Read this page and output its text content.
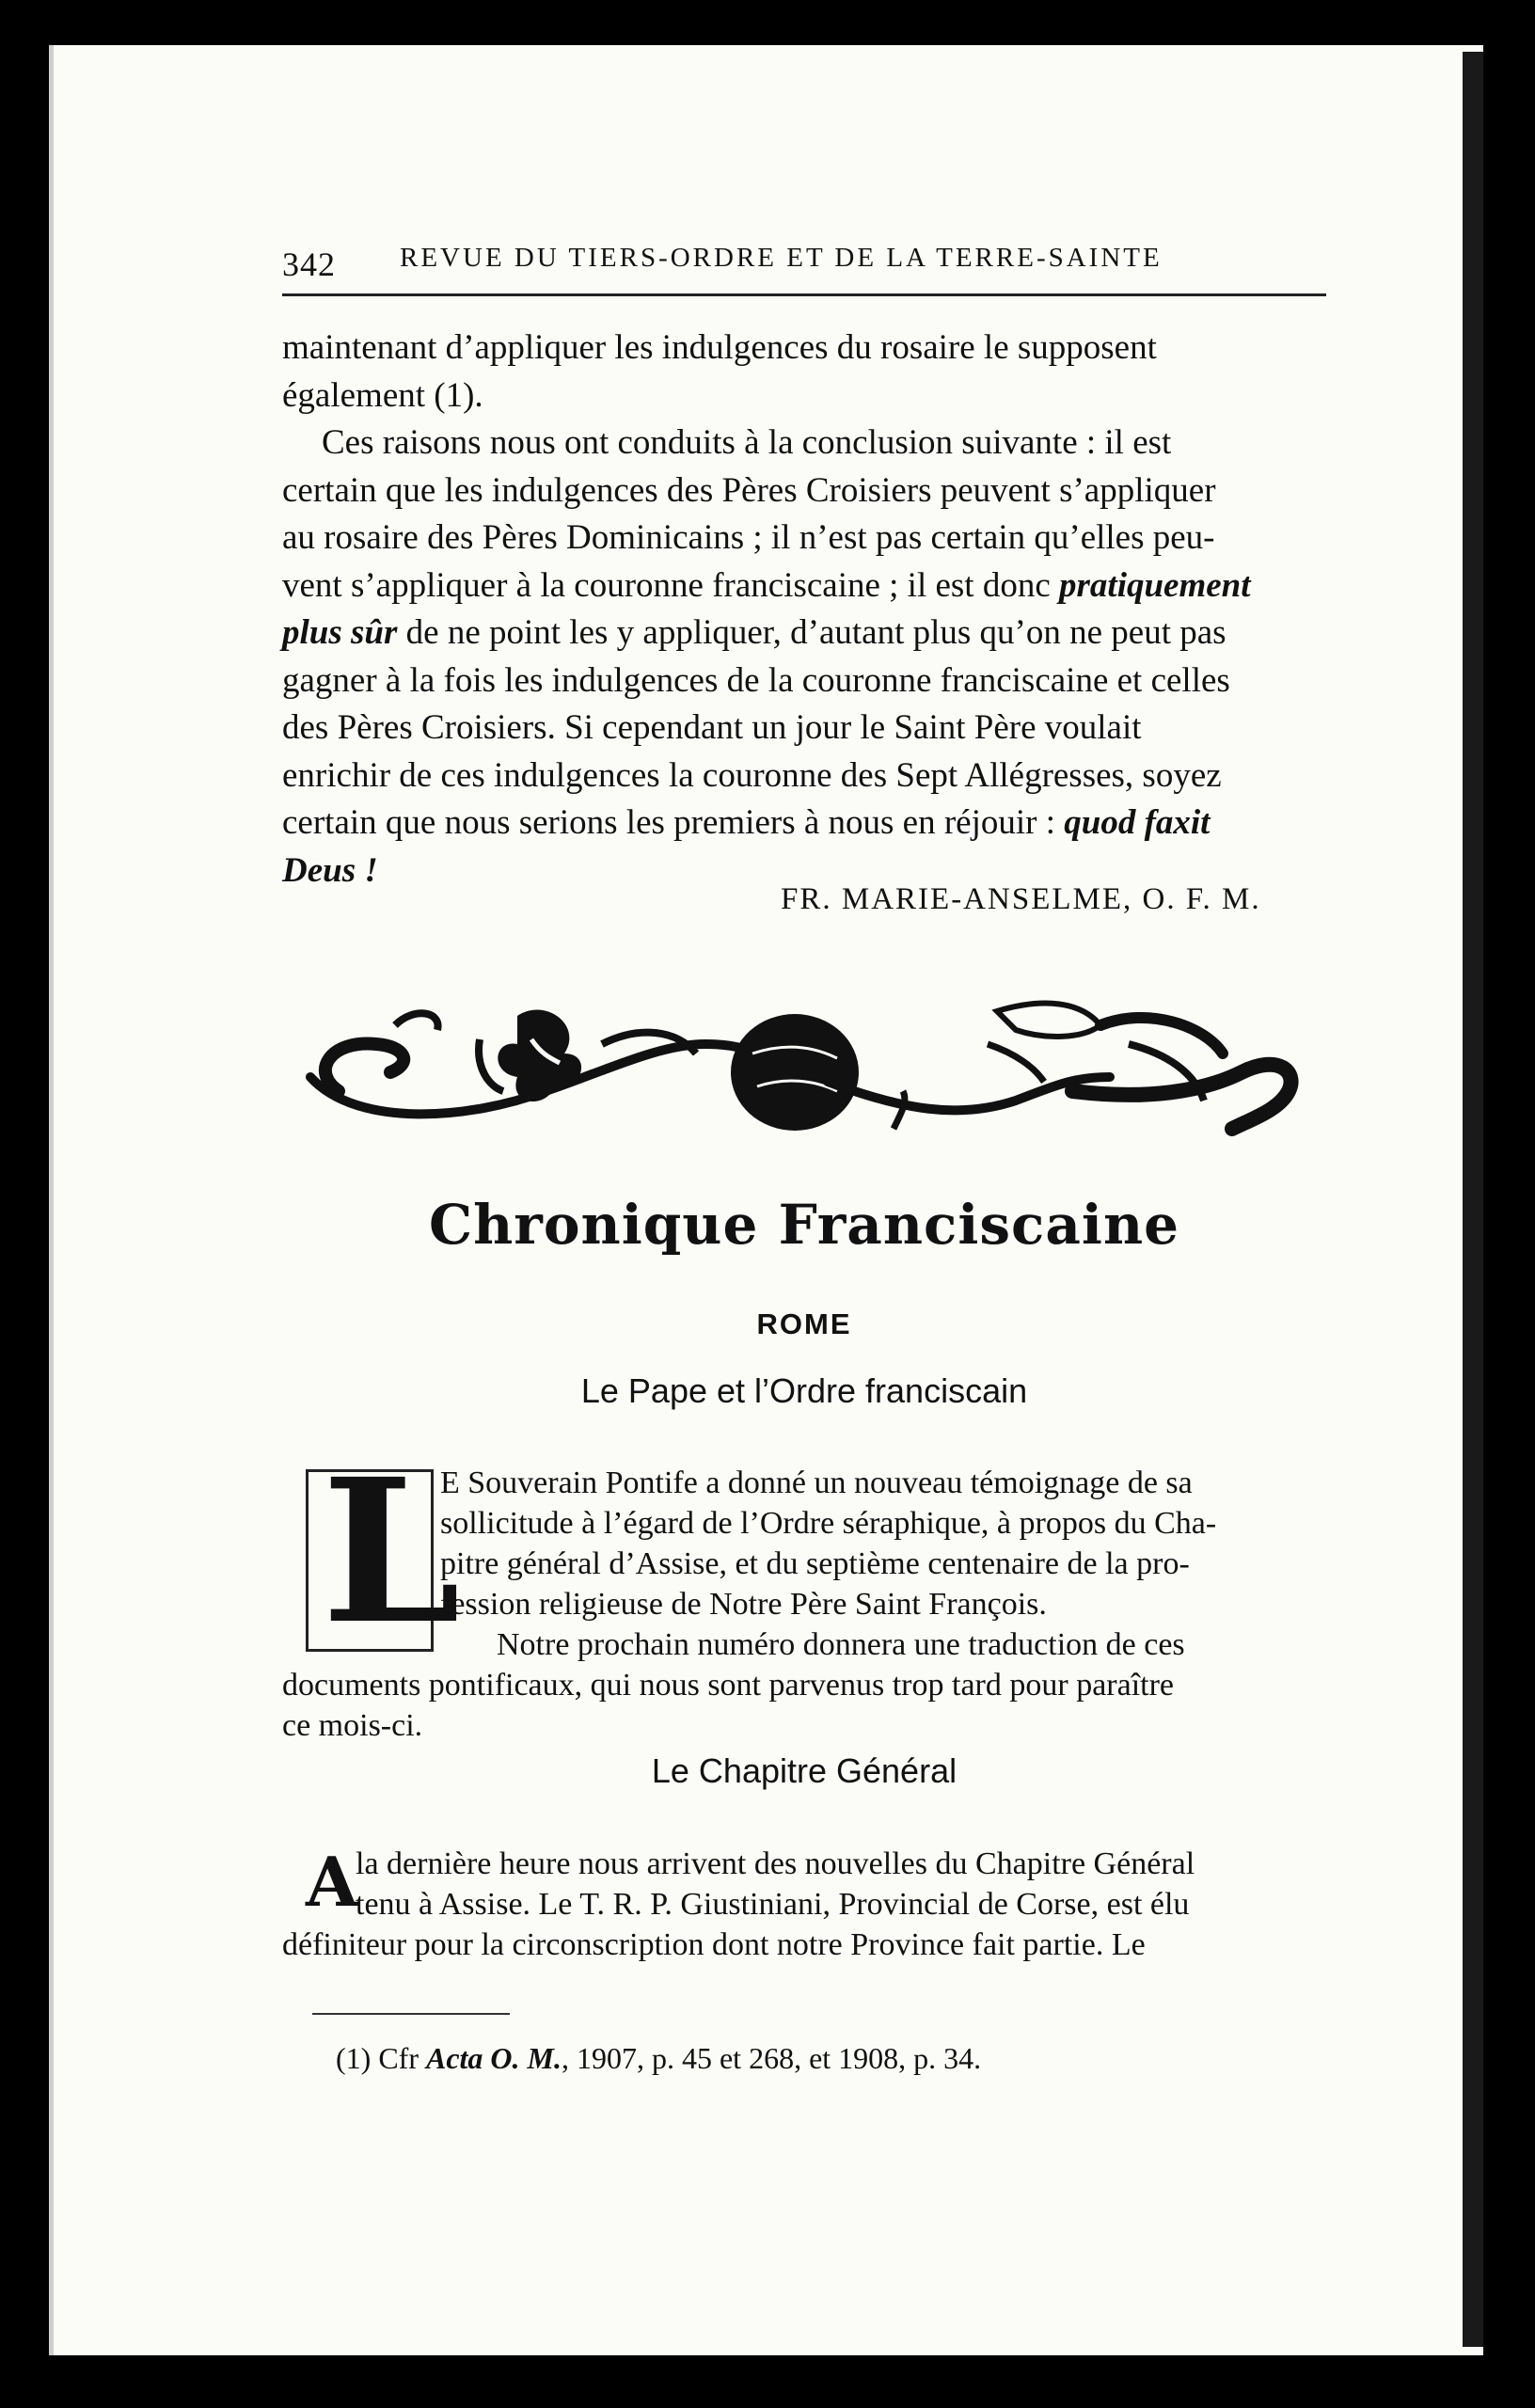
342 REVUE DU TIERS-ORDRE ET DE LA TERRE-SAINTE

maintenant d’appliquer les indulgences du rosaire le supposent

également (1).

Ces raisons nous ont conduits à la conclusion suivante : il est

certain que les indulgences des Pères Croisiers peuvent s’appliquer

au rosaire des Pères Dominicains ; il n’est pas certain qu’elles peu-

vent s’appliquer à la couronne franciscaine ; il est donc pratiquement

plus sûr de ne point les y appliquer, d’autant plus qu’on ne peut pas

gagner à la fois les indulgences de la couronne franciscaine et celles

des Pères Croisiers. Si cependant un jour le Saint Père voulait

enrichir de ces indulgences la couronne des Sept Allégresses, soyez

certain que nous serions les premiers à nous en réjouir : quod faxit

Deus !

FR. MARIE-ANSELME, O. F. M.
Chronique Franciscaine
ROME
Le Pape et l’Ordre franciscain
L
E Souverain Pontife a donné un nouveau témoignage de sa
sollicitude à l’égard de l’Ordre séraphique, à propos du Cha-
pitre général d’Assise, et du septième centenaire de la pro-
fession religieuse de Notre Père Saint François.
Notre prochain numéro donnera une traduction de ces
documents pontificaux, qui nous sont parvenus trop tard pour paraître
ce mois-ci.
Le Chapitre Général
A
la dernière heure nous arrivent des nouvelles du Chapitre Général
tenu à Assise. Le T. R. P. Giustiniani, Provincial de Corse, est élu
définiteur pour la circonscription dont notre Province fait partie. Le
(1) Cfr Acta O. M., 1907, p. 45 et 268, et 1908, p. 34.
